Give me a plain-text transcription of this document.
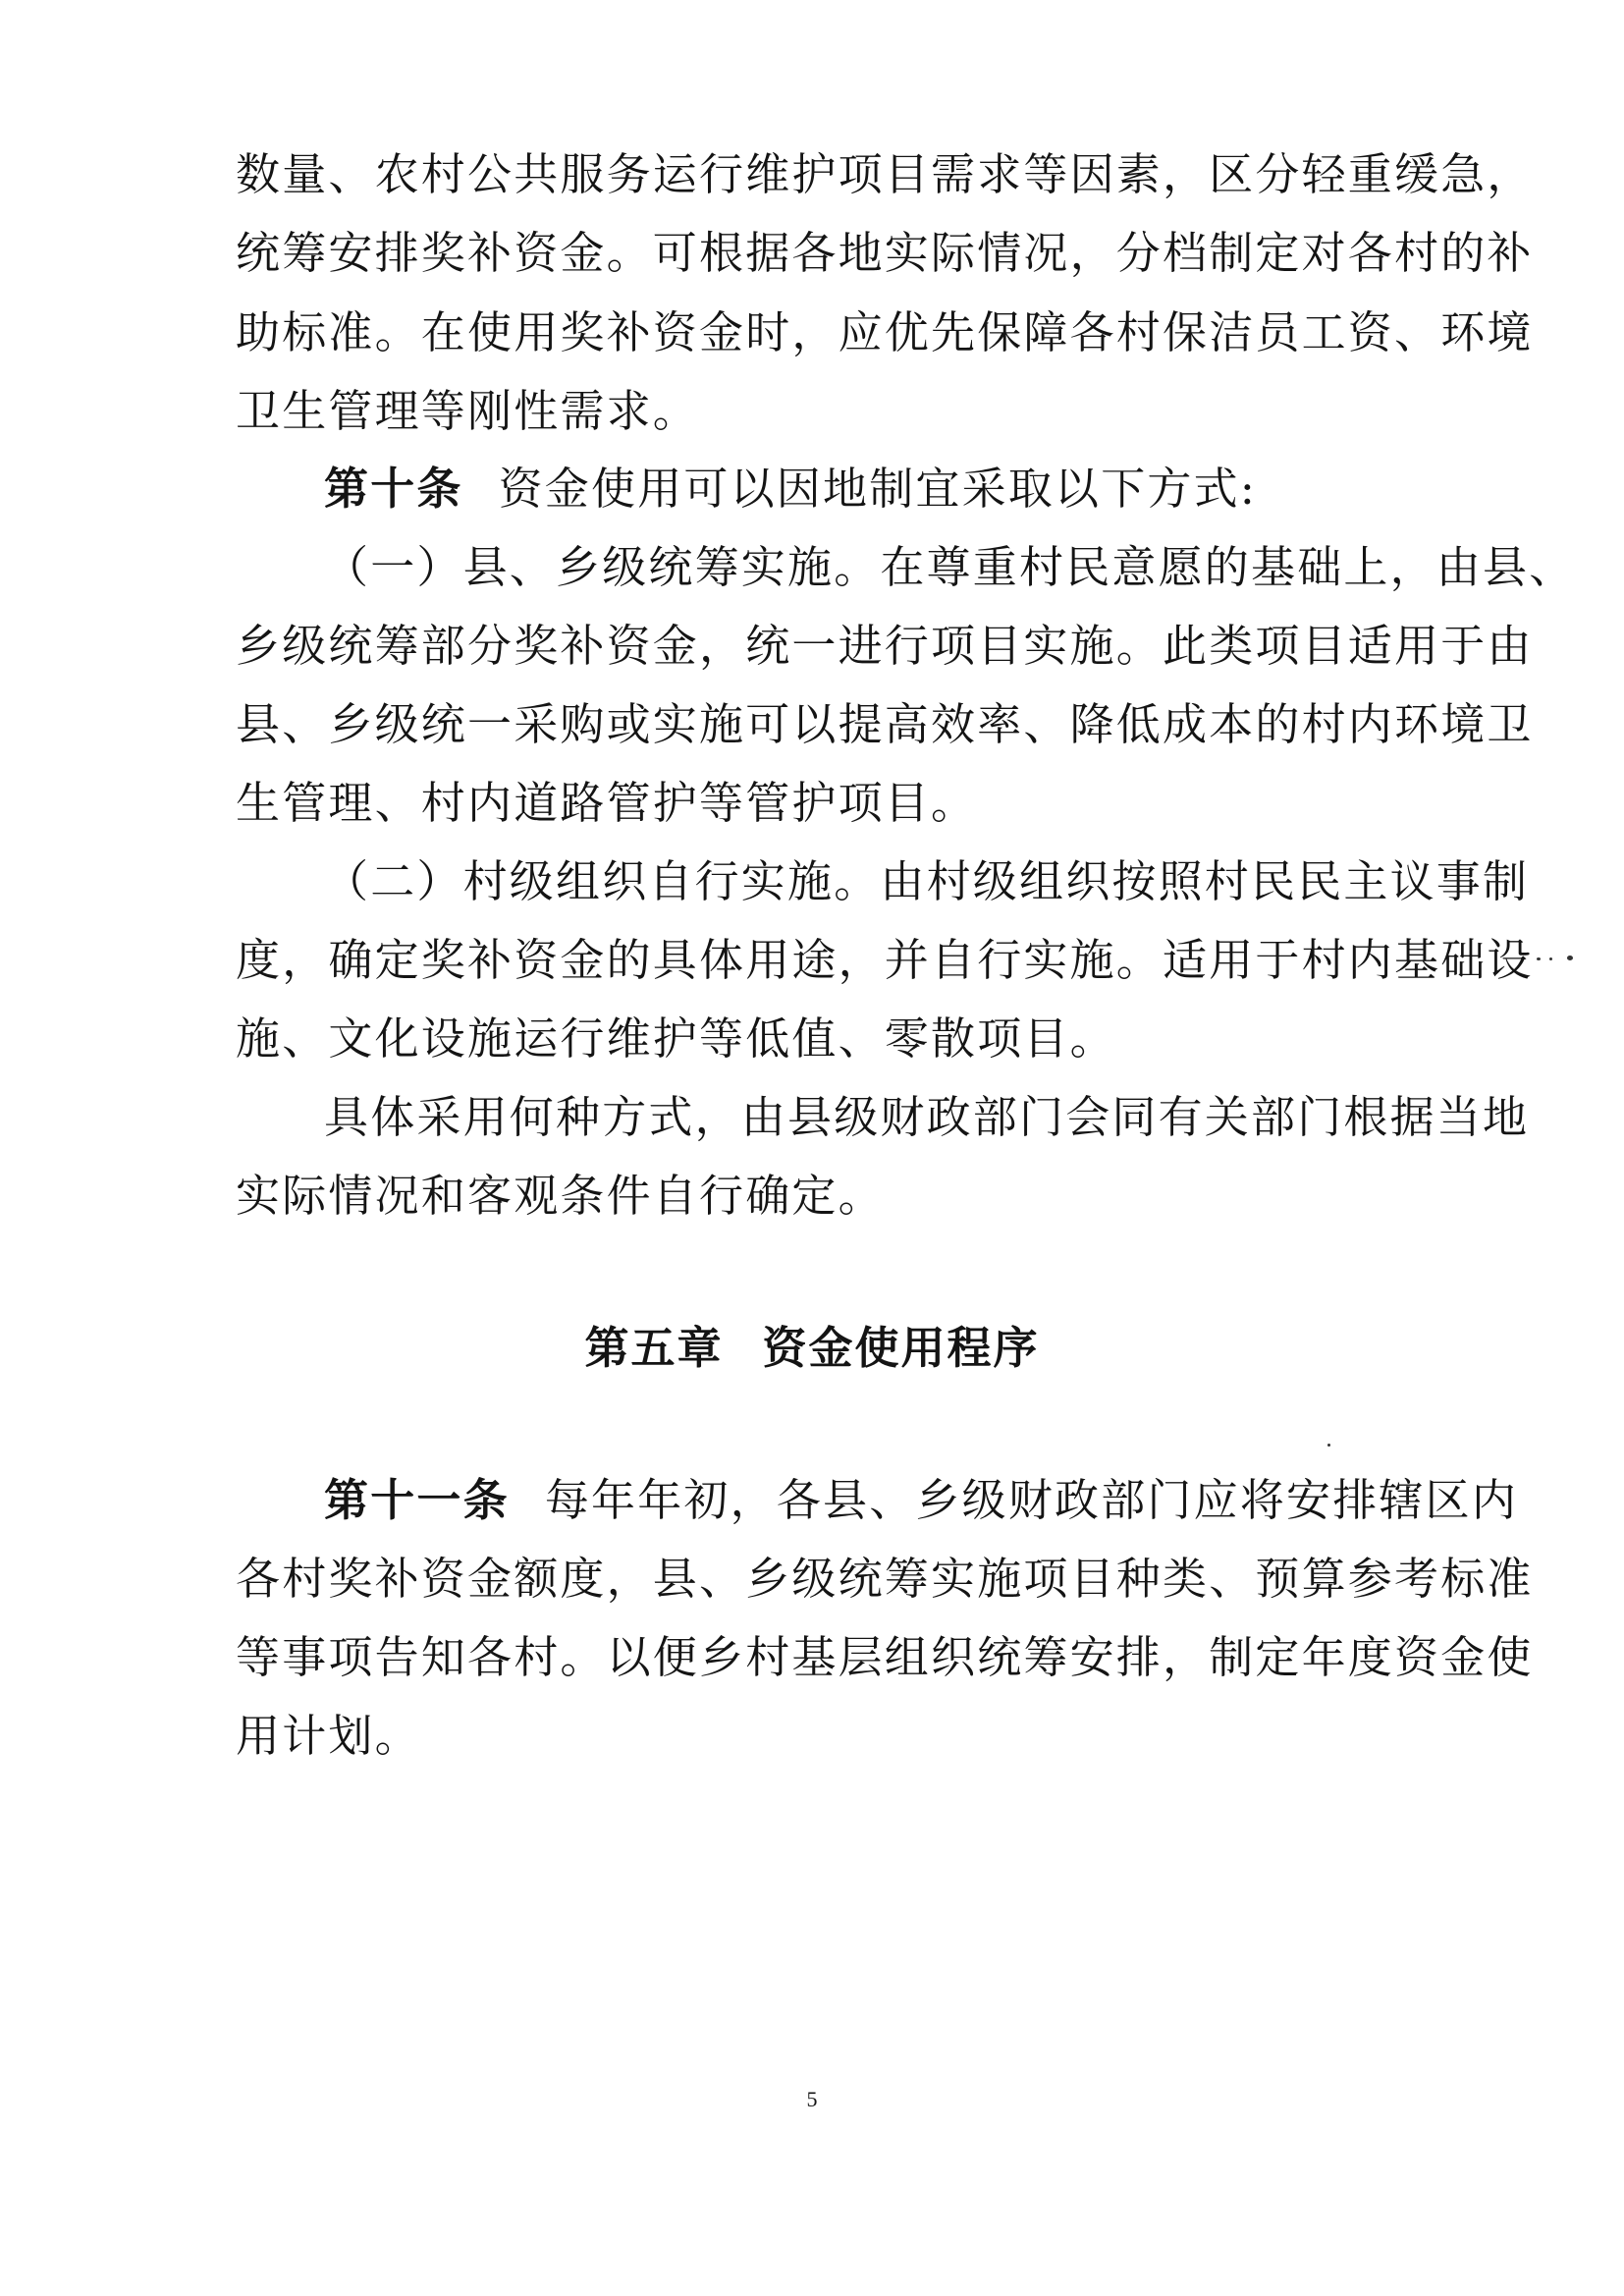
数量、农村公共服务运行维护项目需求等因素，区分轻重缓急，
统筹安排奖补资金。可根据各地实际情况，分档制定对各村的补
助标准。在使用奖补资金时，应优先保障各村保洁员工资、环境
卫生管理等刚性需求。
第十条 资金使用可以因地制宜采取以下方式:
（一）县、乡级统筹实施。在尊重村民意愿的基础上，由县、
乡级统筹部分奖补资金，统一进行项目实施。此类项目适用于由
县、乡级统一采购或实施可以提高效率、降低成本的村内环境卫
生管理、村内道路管护等管护项目。
（二）村级组织自行实施。由村级组织按照村民民主议事制
度，确定奖补资金的具体用途，并自行实施。适用于村内基础设
施、文化设施运行维护等低值、零散项目。
具体采用何种方式，由县级财政部门会同有关部门根据当地
实际情况和客观条件自行确定。
第五章 资金使用程序
第十一条 每年年初，各县、乡级财政部门应将安排辖区内
各村奖补资金额度，县、乡级统筹实施项目种类、预算参考标准
等事项告知各村。以便乡村基层组织统筹安排，制定年度资金使
用计划。
5
